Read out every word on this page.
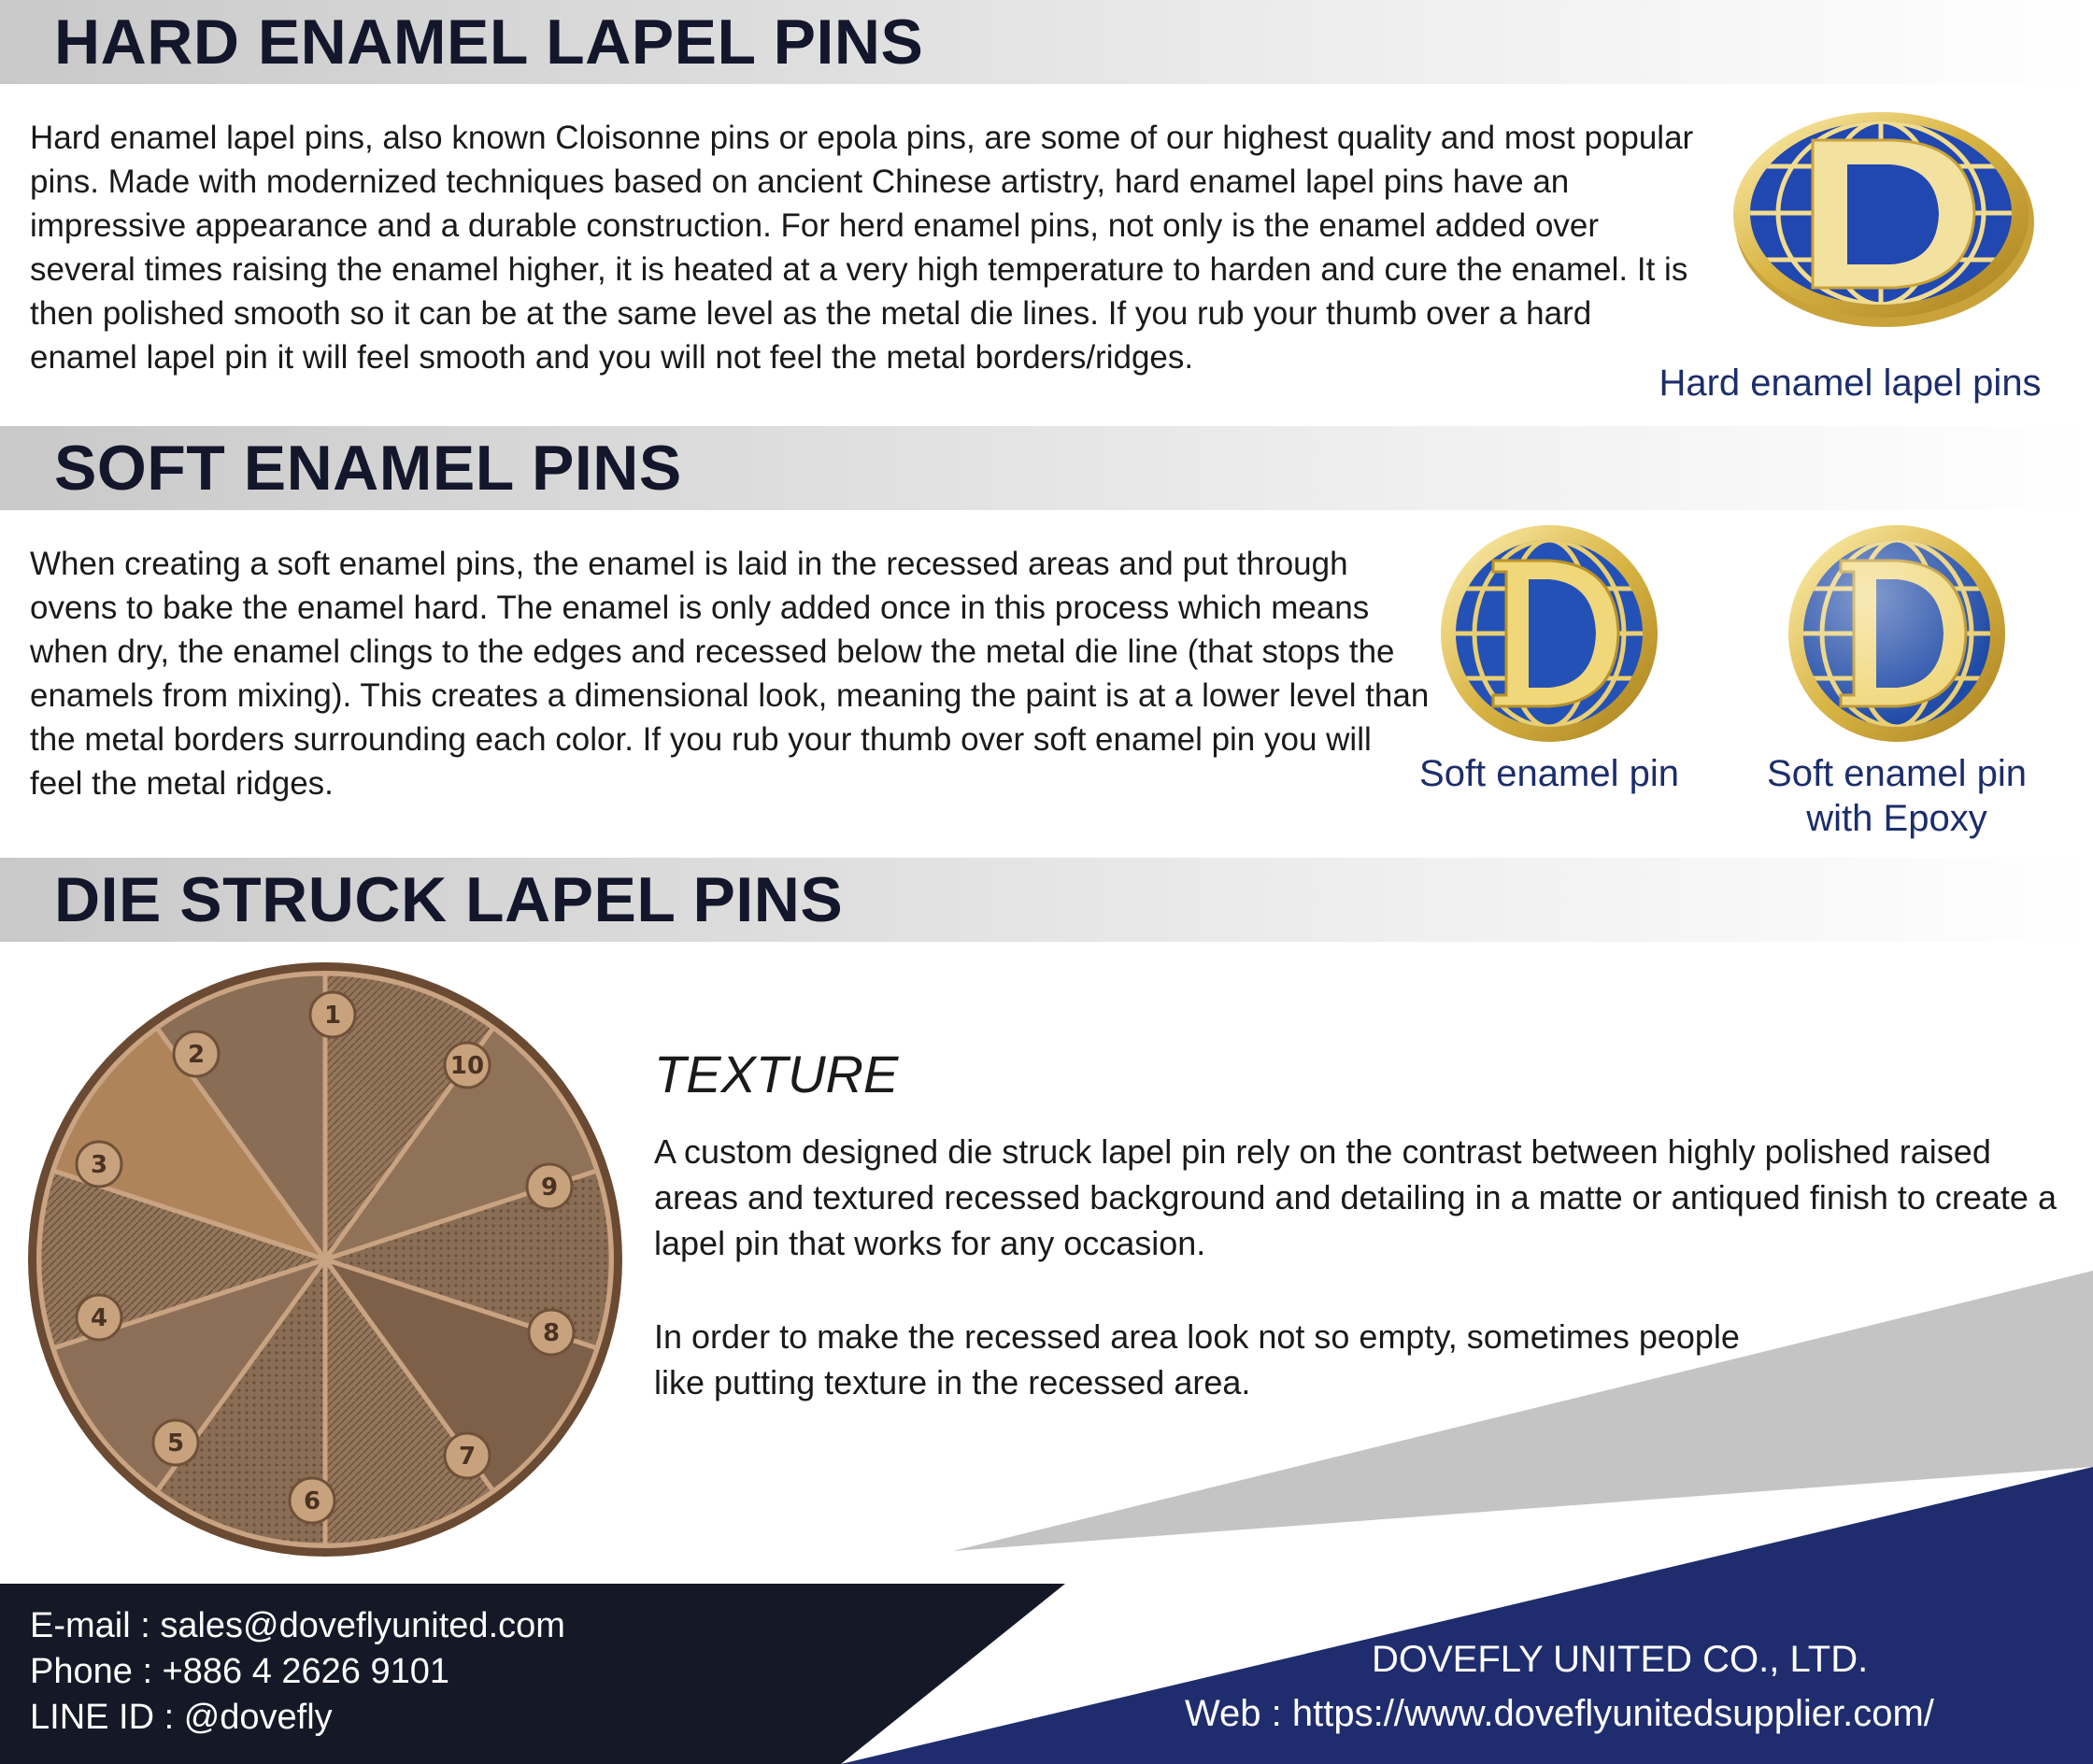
HARD ENAMEL LAPEL PINS

Hard enamel lapel pins, also known Cloisonne pins or epola pins, are some of our highest quality and most popular pins. Made with modernized techniques based on ancient Chinese artistry, hard enamel lapel pins have an impressive appearance and a durable construction. For herd enamel pins, not only is the enamel added over several times raising the enamel higher, it is heated at a very high temperature to harden and cure the enamel. It is then polished smooth so it can be at the same level as the metal die lines. If you rub your thumb over a hard enamel lapel pin it will feel smooth and you will not feel the metal borders/ridges.

Hard enamel lapel pins
SOFT ENAMEL PINS

When creating a soft enamel pins, the enamel is laid in the recessed areas and put through ovens to bake the enamel hard. The enamel is only added once in this process which means when dry, the enamel clings to the edges and recessed below the metal die line (that stops the enamels from mixing). This creates a dimensional look, meaning the paint is at a lower level than the metal borders surrounding each color. If you rub your thumb over soft enamel pin you will feel the metal ridges.	Soft enamel pin	Soft enamel pin
with Epoxy
DIE STRUCK LAPEL PINS
1
10
9
8
7
6
5
4
3
2	TEXTURE

A custom designed die struck lapel pin rely on the contrast between highly polished raised areas and textured recessed background and detailing in a matte or antiqued finish to create a lapel pin that works for any occasion.

In order to make the recessed area look not so empty, sometimes people like putting texture in the recessed area.

E-mail : sales@doveflyunited.com
Phone : +886 4 2626 9101
LINE ID : @dovefly
DOVEFLY UNITED CO., LTD.
Web : https://www.doveflyunitedsupplier.com/
